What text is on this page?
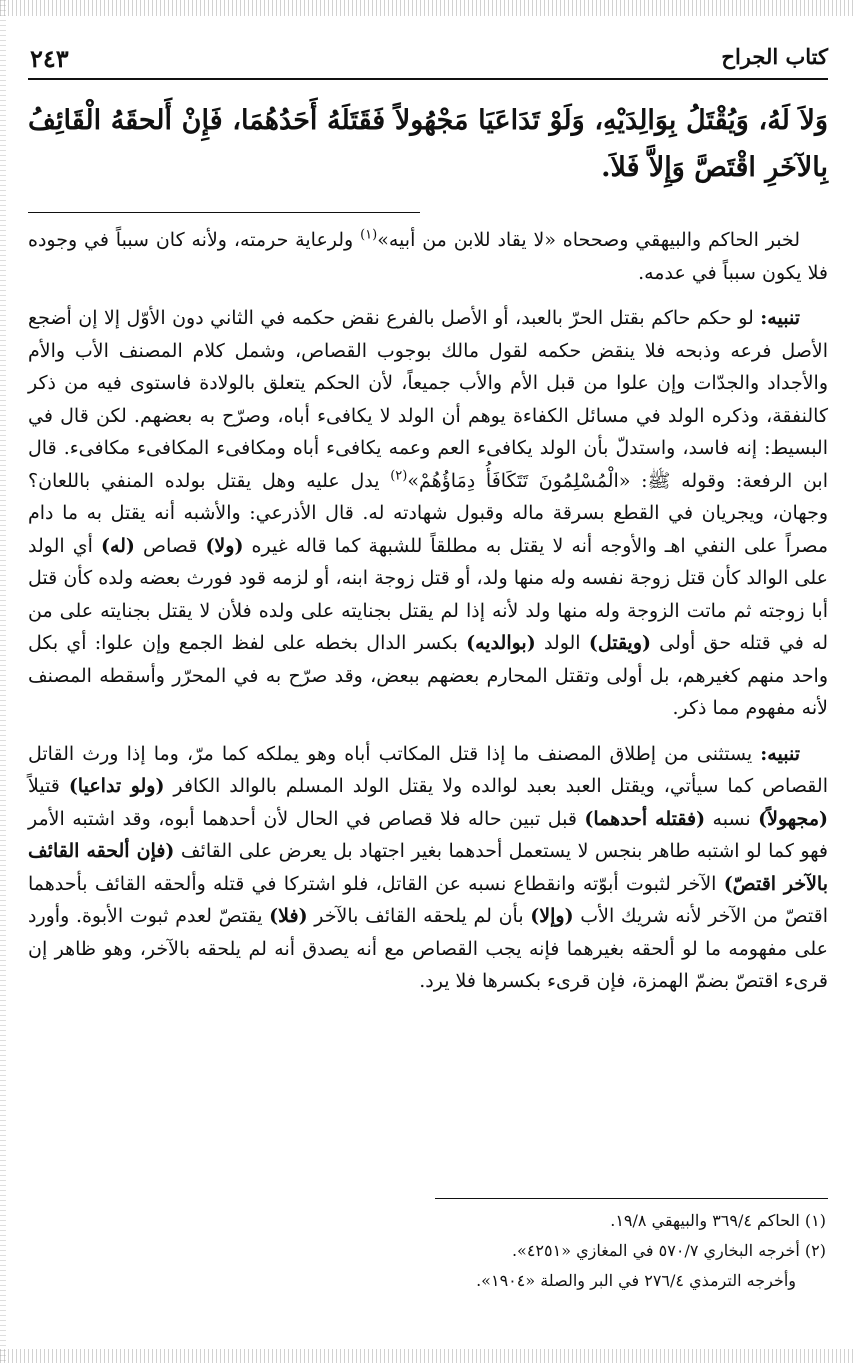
كتاب الجراح
٢٤٣
وَلاَ لَهُ، وَيُقْتَلُ بِوَالِدَيْهِ، وَلَوْ تَدَاعَيَا مَجْهُولاً فَقَتَلَهُ أَحَدُهُمَا، فَإِنْ أَلحقَهُ الْقَائِفُ بِالآخَرِ اقْتَصَّ وَإِلاَّ فَلاَ.

لخبر الحاكم والبيهقي وصححاه «لا يقاد للابن من أبيه»$^{(١)}$ ولرعاية حرمته، ولأنه كان سبباً في وجوده فلا يكون سبباً في عدمه.

تنبيه: لو حكم حاكم بقتل الحرّ بالعبد، أو الأصل بالفرع نقض حكمه في الثاني دون الأوّل إلا إن أضجع الأصل فرعه وذبحه فلا ينقض حكمه لقول مالك بوجوب القصاص، وشمل كلام المصنف الأب والأم والأجداد والجدّات وإن علوا من قبل الأم والأب جميعاً، لأن الحكم يتعلق بالولادة فاستوى فيه من ذكر كالنفقة، وذكره الولد في مسائل الكفاءة يوهم أن الولد لا يكافىء أباه، وصرّح به بعضهم. لكن قال في البسيط: إنه فاسد، واستدلّ بأن الولد يكافىء العم وعمه يكافىء أباه ومكافىء المكافىء مكافىء. قال ابن الرفعة: وقوله ﷺ: «الْمُسْلِمُونَ تَتَكَافَأُ دِمَاؤُهُمْ»$^{(٢)}$ يدل عليه وهل يقتل بولده المنفي باللعان؟ وجهان، ويجريان في القطع بسرقة ماله وقبول شهادته له. قال الأذرعي: والأشبه أنه يقتل به ما دام مصراً على النفي اهـ والأوجه أنه لا يقتل به مطلقاً للشبهة كما قاله غيره (ولا) قصاص (له) أي الولد على الوالد كأن قتل زوجة نفسه وله منها ولد، أو قتل زوجة ابنه، أو لزمه قود فورث بعضه ولده كأن قتل أبا زوجته ثم ماتت الزوجة وله منها ولد لأنه إذا لم يقتل بجنايته على ولده فلأن لا يقتل بجنايته على من له في قتله حق أولى (ويقتل) الولد (بوالديه) بكسر الدال بخطه على لفظ الجمع وإن علوا: أي بكل واحد منهم كغيرهم، بل أولى وتقتل المحارم بعضهم ببعض، وقد صرّح به في المحرّر وأسقطه المصنف لأنه مفهوم مما ذكر.

تنبيه: يستثنى من إطلاق المصنف ما إذا قتل المكاتب أباه وهو يملكه كما مرّ، وما إذا ورث القاتل القصاص كما سيأتي، ويقتل العبد بعبد لوالده ولا يقتل الولد المسلم بالوالد الكافر (ولو تداعيا) قتيلاً (مجهولاً) نسبه (فقتله أحدهما) قبل تبين حاله فلا قصاص في الحال لأن أحدهما أبوه، وقد اشتبه الأمر فهو كما لو اشتبه طاهر بنجس لا يستعمل أحدهما بغير اجتهاد بل يعرض على القائف (فإن ألحقه القائف بالآخر اقتصّ) الآخر لثبوت أبوّته وانقطاع نسبه عن القاتل، فلو اشتركا في قتله وألحقه القائف بأحدهما اقتصّ من الآخر لأنه شريك الأب (وإلا) بأن لم يلحقه القائف بالآخر (فلا) يقتصّ لعدم ثبوت الأبوة. وأورد على مفهومه ما لو ألحقه بغيرهما فإنه يجب القصاص مع أنه يصدق أنه لم يلحقه بالآخر، وهو ظاهر إن قرىء اقتصّ بضمّ الهمزة، فإن قرىء بكسرها فلا يرد.

(١) الحاكم ٣٦٩/٤ والبيهقي ١٩/٨.

(٢) أخرجه البخاري ٥٧٠/٧ في المغازي «٤٢٥١».

وأخرجه الترمذي ٢٧٦/٤ في البر والصلة «١٩٠٤».
